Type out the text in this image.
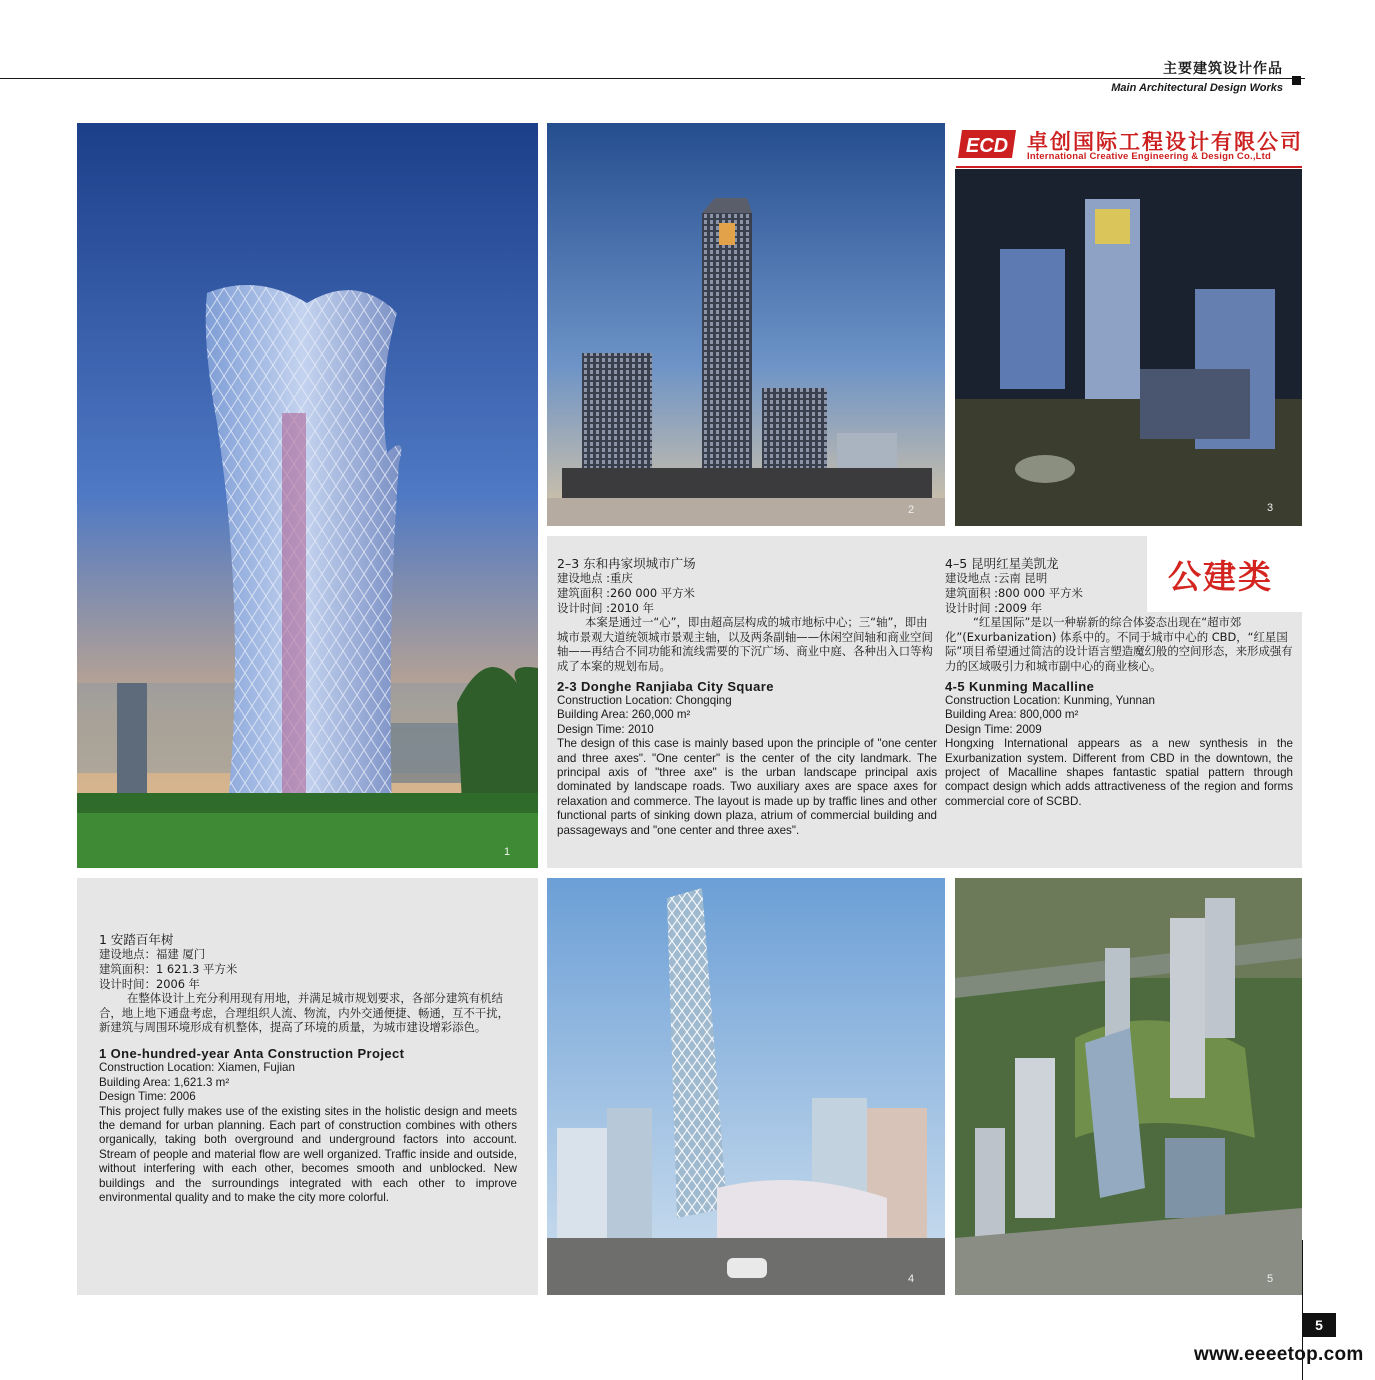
主要建筑设计作品
Main Architectural Design Works
1
2
ECD 卓创国际工程设计有限公司
International Creative Engineering & Design Co.,Ltd
3
公建类
2–3 东和冉家坝城市广场

建设地点 :重庆

建筑面积 :260 000 平方米

设计时间 :2010 年

本案是通过一“心”，即由超高层构成的城市地标中心；三“轴”，即由城市景观大道统领城市景观主轴，以及两条副轴——休闲空间轴和商业空间轴——再结合不同功能和流线需要的下沉广场、商业中庭、各种出入口等构成了本案的规划布局。

2-3 Donghe Ranjiaba City Square

Construction Location: Chongqing

Building Area: 260,000 m²

Design Time: 2010

The design of this case is mainly based upon the principle of "one center and three axes". "One center" is the center of the city landmark. The principal axis of "three axe" is the urban landscape principal axis dominated by landscape roads. Two auxiliary axes are space axes for relaxation and commerce. The layout is made up by traffic lines and other functional parts of sinking down plaza, atrium of commercial building and passageways and "one center and three axes".

4–5 昆明红星美凯龙

建设地点 :云南 昆明

建筑面积 :800 000 平方米

设计时间 :2009 年

“红星国际”是以一种崭新的综合体姿态出现在“超市郊化”(Exurbanization) 体系中的。不同于城市中心的 CBD，“红星国际”项目希望通过简洁的设计语言塑造魔幻般的空间形态，来形成强有力的区域吸引力和城市副中心的商业核心。

4-5 Kunming Macalline

Construction Location: Kunming, Yunnan

Building Area: 800,000 m²

Design Time: 2009

Hongxing International appears as a new synthesis in the Exurbanization system. Different from CBD in the downtown, the project of Macalline shapes fantastic spatial pattern through compact design which adds attractiveness of the region and forms commercial core of SCBD.

1 安踏百年树

建设地点：福建 厦门

建筑面积：1 621.3 平方米

设计时间：2006 年

在整体设计上充分利用现有用地，并满足城市规划要求，各部分建筑有机结合，地上地下通盘考虑，合理组织人流、物流，内外交通便捷、畅通，互不干扰，新建筑与周围环境形成有机整体，提高了环境的质量，为城市建设增彩添色。

1 One-hundred-year Anta Construction Project

Construction Location: Xiamen, Fujian

Building Area: 1,621.3 m²

Design Time: 2006

This project fully makes use of the existing sites in the holistic design and meets the demand for urban planning. Each part of construction combines with others organically, taking both overground and underground factors into account. Stream of people and material flow are well organized. Traffic inside and outside, without interfering with each other, becomes smooth and unblocked. New buildings and the surroundings integrated with each other to improve environmental quality and to make the city more colorful.

4	5
5
www.eeeetop.com
